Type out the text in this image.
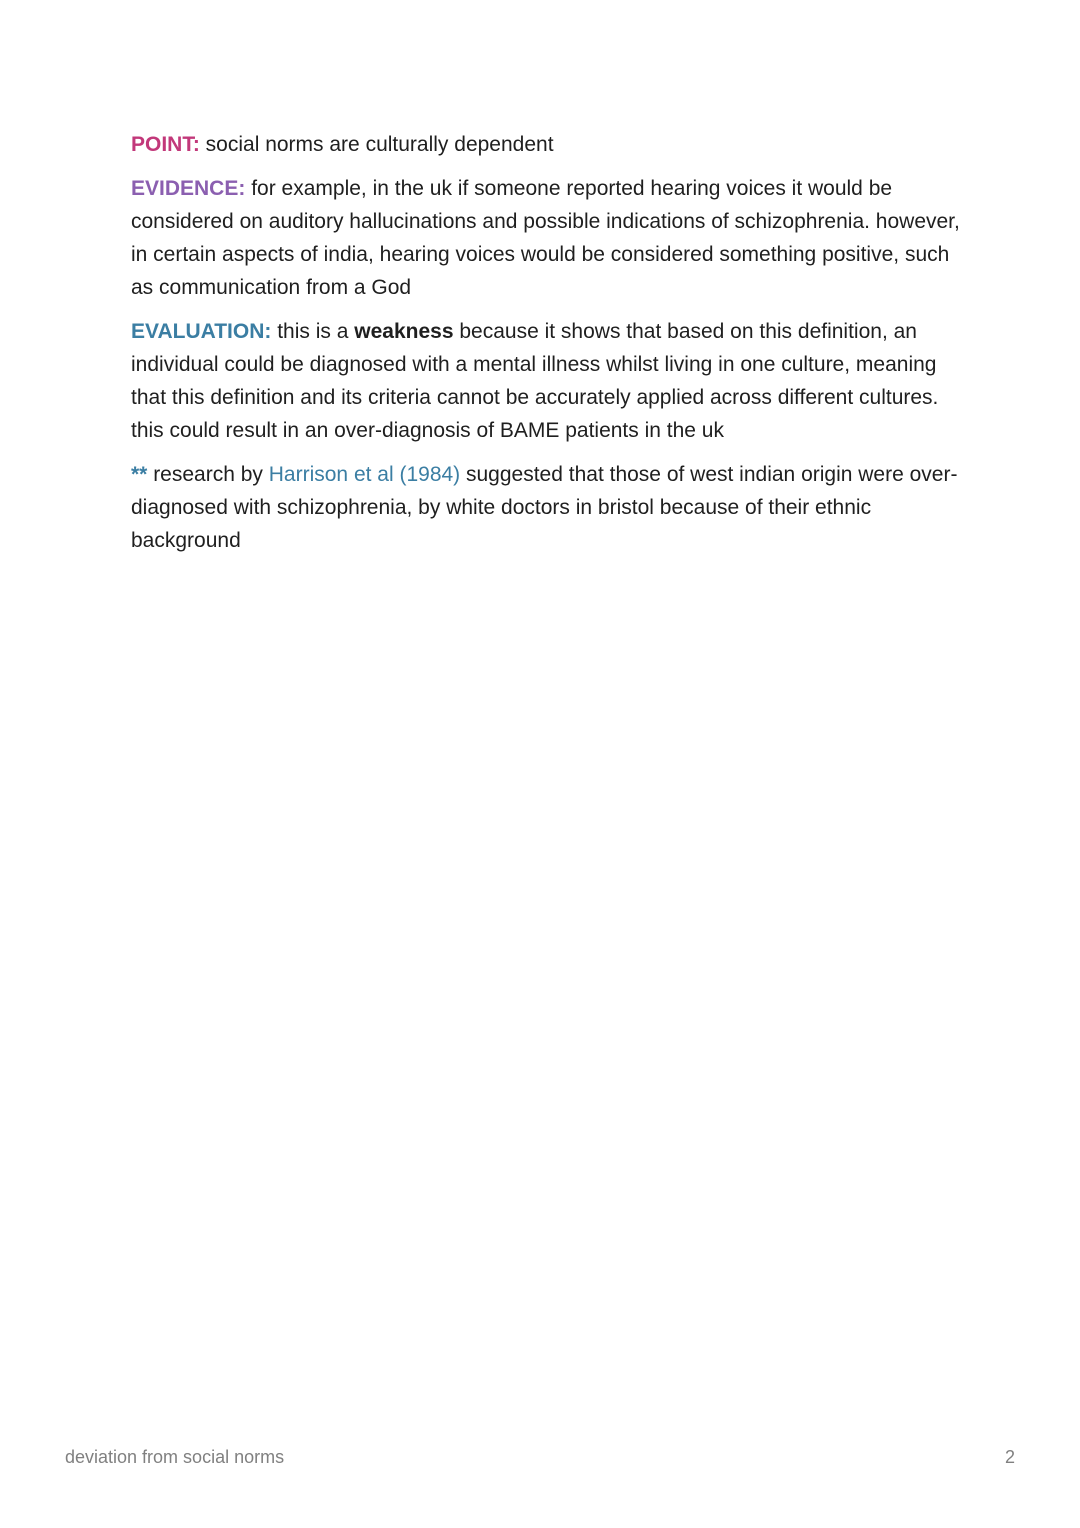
POINT: social norms are culturally dependent

EVIDENCE: for example, in the uk if someone reported hearing voices it would be considered on auditory hallucinations and possible indications of schizophrenia. however, in certain aspects of india, hearing voices would be considered something positive, such as communication from a God

EVALUATION: this is a weakness because it shows that based on this definition, an individual could be diagnosed with a mental illness whilst living in one culture, meaning that this definition and its criteria cannot be accurately applied across different cultures. this could result in an over-diagnosis of BAME patients in the uk

** research by Harrison et al (1984) suggested that those of west indian origin were over-diagnosed with schizophrenia, by white doctors in bristol because of their ethnic background

deviation from social norms	2
